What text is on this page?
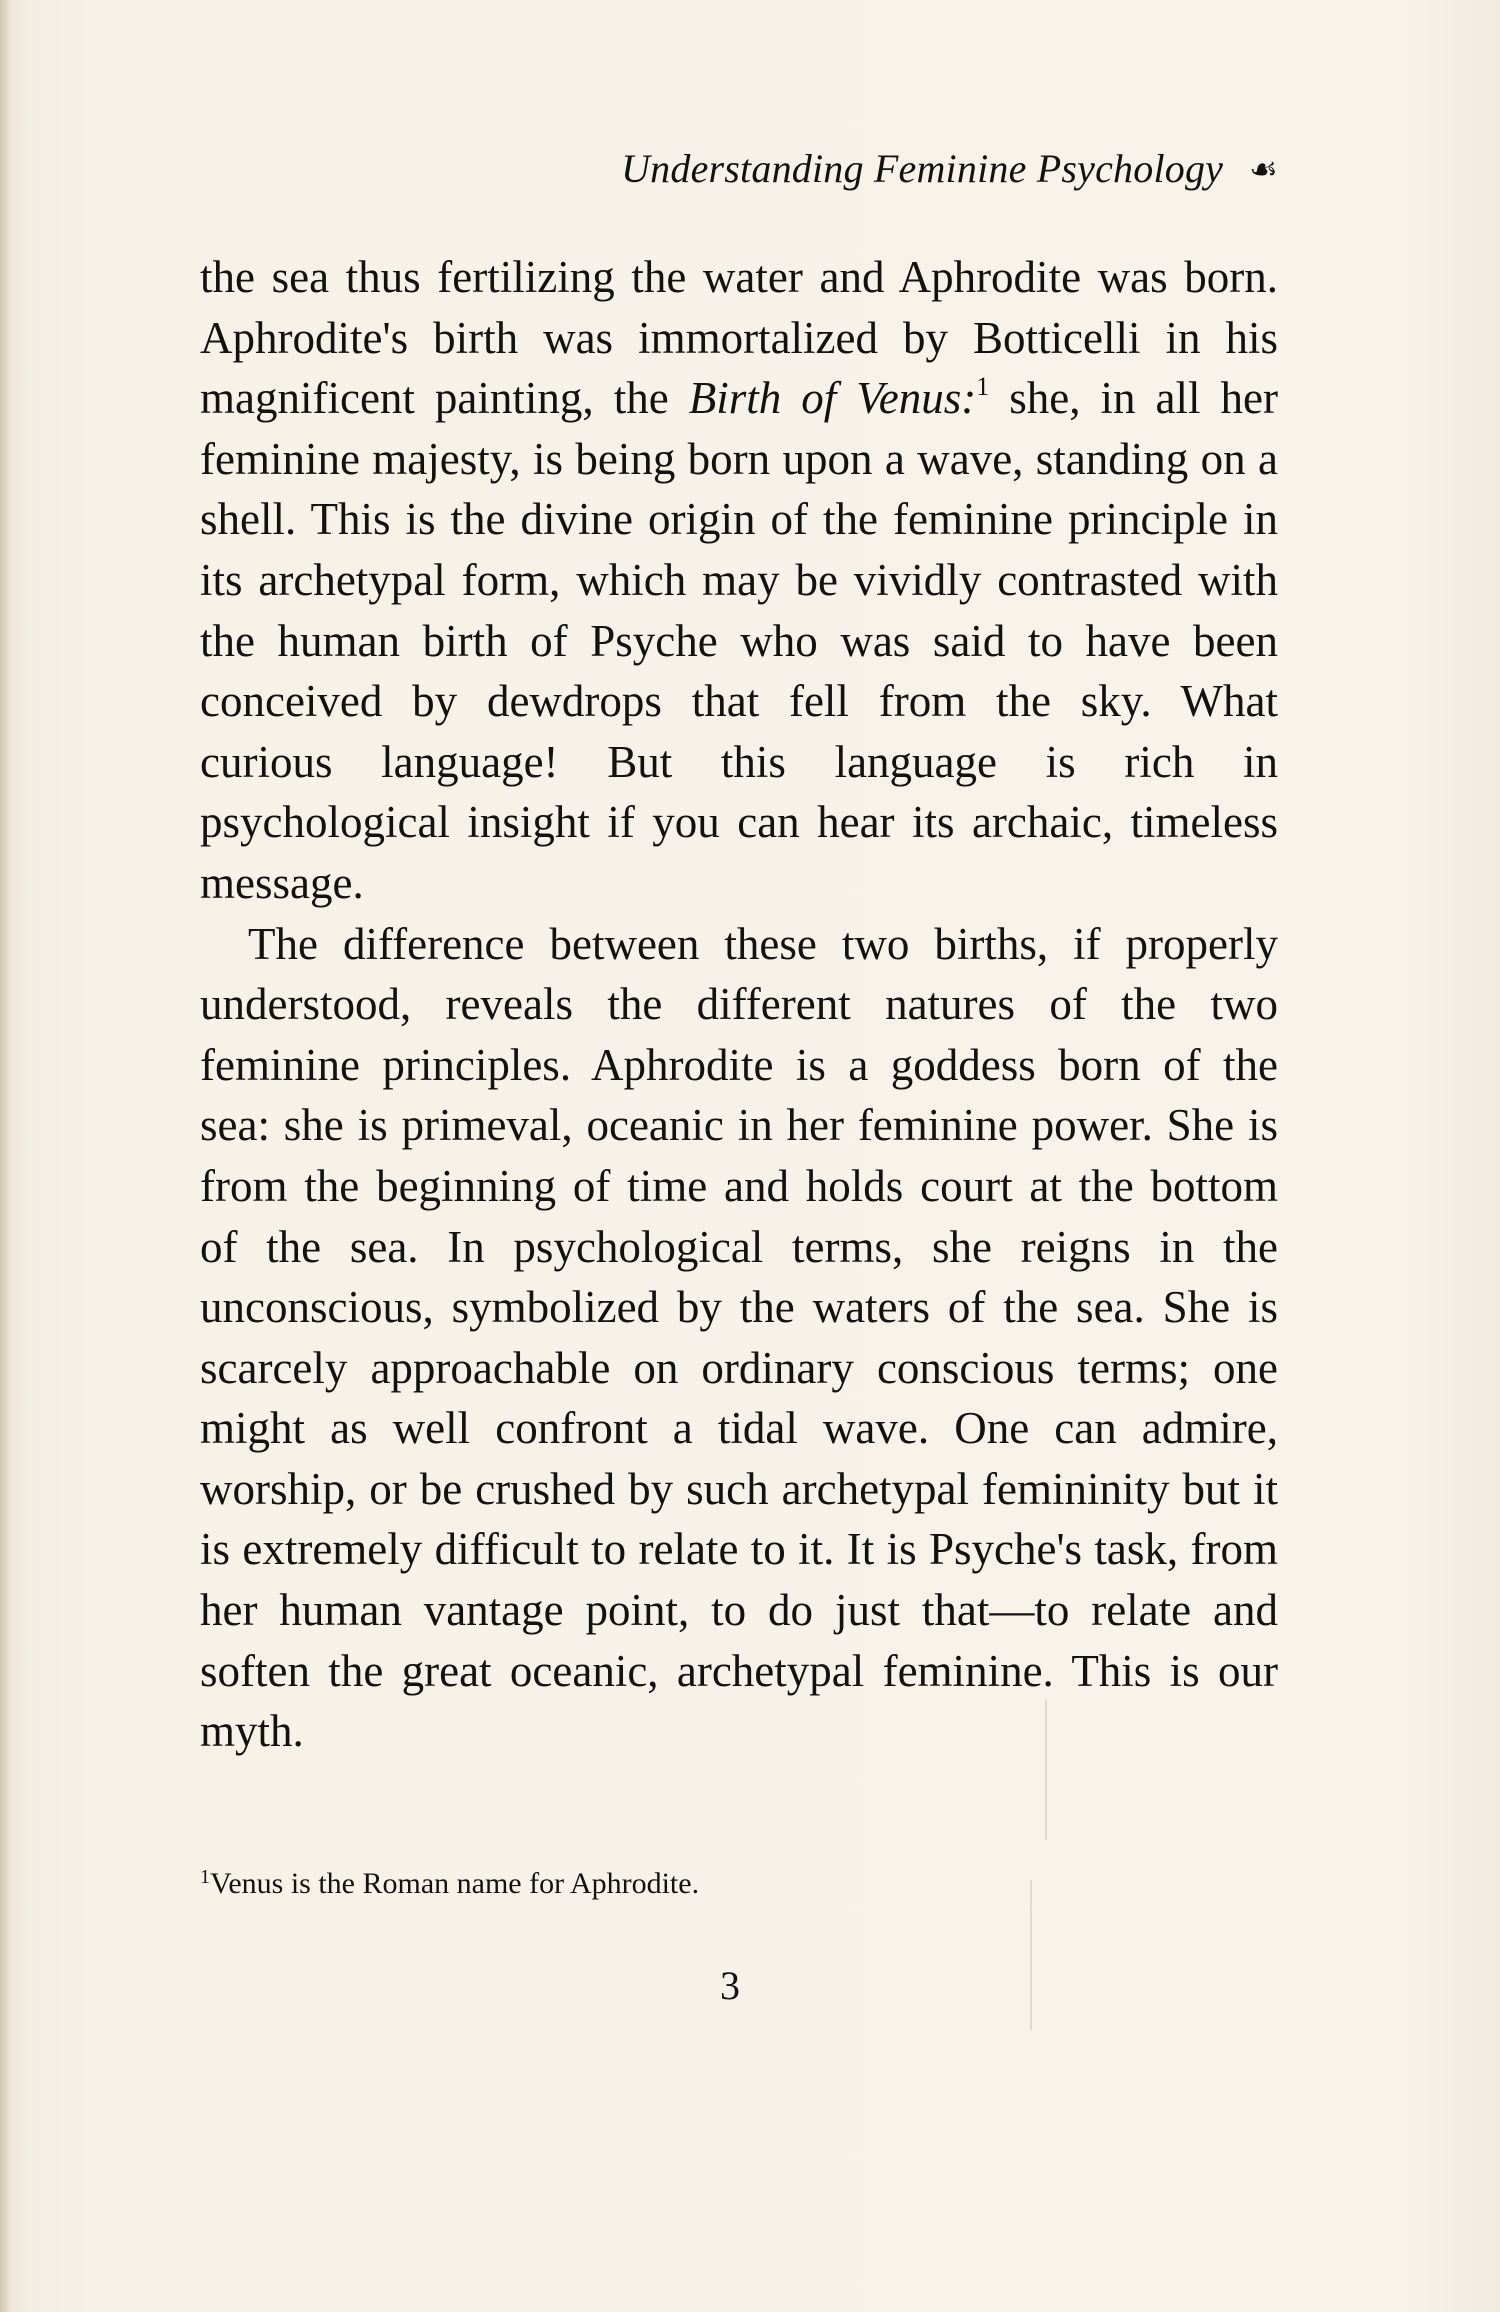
Understanding Feminine Psychology ☙

the sea thus fertilizing the water and Aphrodite was born. Aphrodite's birth was immortalized by Botticelli in his magnificent painting, the Birth of Venus:$^1$ she, in all her feminine majesty, is being born upon a wave, standing on a shell. This is the divine origin of the feminine principle in its archetypal form, which may be vividly contrasted with the human birth of Psyche who was said to have been conceived by dewdrops that fell from the sky. What curious language! But this language is rich in psychological insight if you can hear its archaic, timeless message.

The difference between these two births, if properly understood, reveals the different natures of the two feminine principles. Aphrodite is a goddess born of the sea: she is primeval, oceanic in her feminine power. She is from the beginning of time and holds court at the bottom of the sea. In psychological terms, she reigns in the unconscious, symbolized by the waters of the sea. She is scarcely approachable on ordinary conscious terms; one might as well confront a tidal wave. One can admire, worship, or be crushed by such archetypal femininity but it is extremely difficult to relate to it. It is Psyche's task, from her human vantage point, to do just that—to relate and soften the great oceanic, archetypal feminine. This is our myth.

$^1$Venus is the Roman name for Aphrodite.
3
